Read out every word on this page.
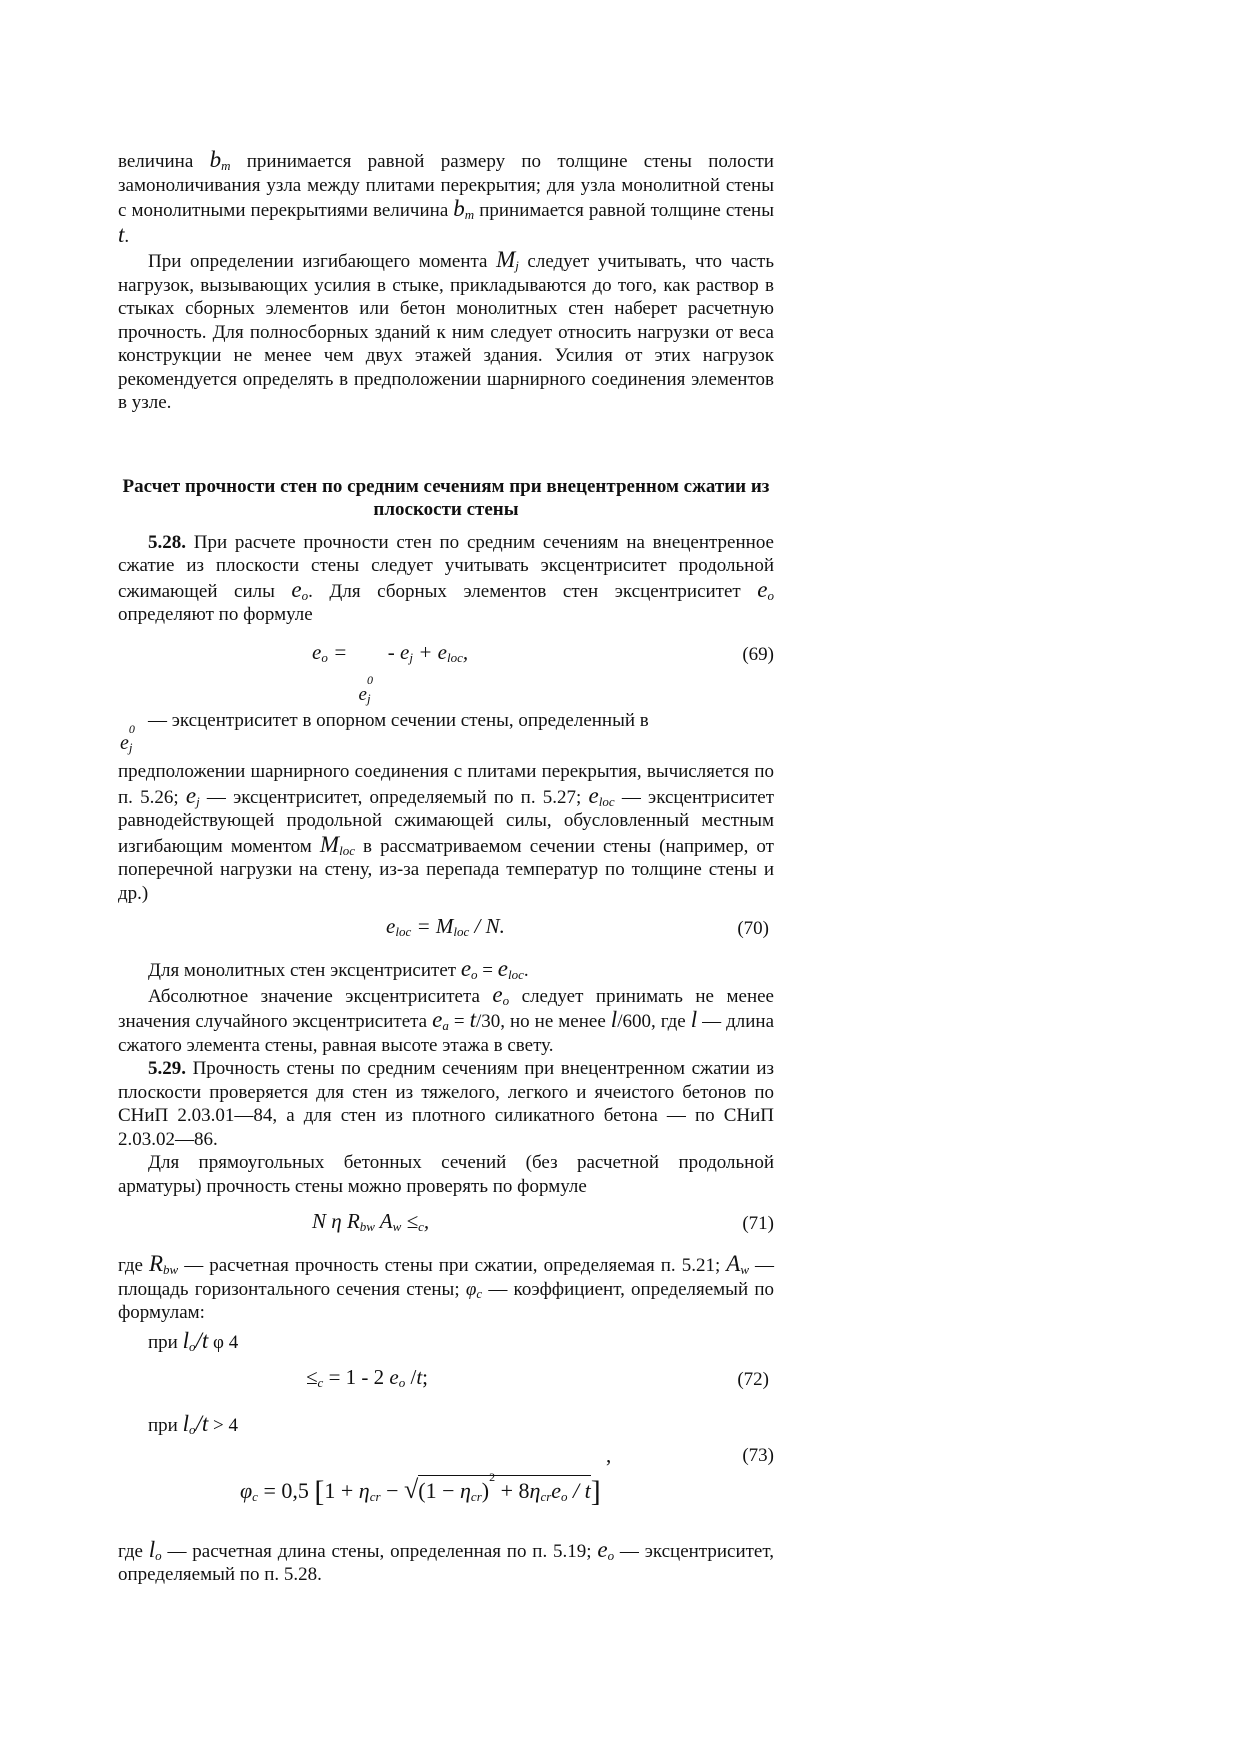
величина $b_m$ принимается равной размеру по толщине стены полости замоноличивания узла между плитами перекрытия; для узла монолитной стены с монолитными перекрытиями величина $b_m$ принимается равной толщине стены t.

При определении изгибающего момента $M_j$ следует учитывать, что часть нагрузок, вызывающих усилия в стыке, прикладываются до того, как раствор в стыках сборных элементов или бетон монолитных стен наберет расчетную прочность. Для полносборных зданий к ним следует относить нагрузки от веса конструкции не менее чем двух этажей здания. Усилия от этих нагрузок рекомендуется определять в предположении шарнирного соединения элементов в узле.

Расчет прочности стен по средним сечениям при внецентренном сжатии из плоскости стены

5.28. При расчете прочности стен по средним сечениям на внецентренное сжатие из плоскости стены следует учитывать эксцентриситет продольной сжимающей силы $e_o$. Для сборных элементов стен эксцентриситет $e_o$ определяют по формуле

$e_o$ =
$e^0_j$
- $e_j + e_{loc}$,	(69)

— эксцентриситет в опорном сечении стены, определенный в

$e^0_j$

предположении шарнирного соединения с плитами перекрытия, вычисляется по п. 5.26; $e_j$ — эксцентриситет, определяемый по п. 5.27; $e_{loc}$ — эксцентриситет равнодействующей продольной сжимающей силы, обусловленный местным изгибающим моментом $M_{loc}$ в рассматриваемом сечении стены (например, от поперечной нагрузки на стену, из-за перепада температур по толщине стены и др.)

$e_{loc} = M_{loc} / N$.	(70)

Для монолитных стен эксцентриситет $e_o = e_{loc}$.

Абсолютное значение эксцентриситета $e_o$ следует принимать не менее значения случайного эксцентриситета $e_a = t/30$, но не менее l/600, где l — длина сжатого элемента стены, равная высоте этажа в свету.

5.29. Прочность стены по средним сечениям при внецентренном сжатии из плоскости проверяется для стен из тяжелого, легкого и ячеистого бетонов по СНиП 2.03.01—84, а для стен из плотного силикатного бетона — по СНиП 2.03.02—86.

Для прямоугольных бетонных сечений (без расчетной продольной арматуры) прочность стены можно проверять по формуле

N η $R_{bw}$ $A_w \le_c$,	(71)

где $R_{bw}$ — расчетная прочность стены при сжатии, определяемая п. 5.21; $A_w$ — площадь горизонтального сечения стены; $\varphi_c$ — коэффициент, определяемый по формулам:

при $l_o/t$ φ 4

$\le_c = 1 - 2$ $e_o$ /t;	(72)

при $l_o/t > 4$

$\varphi_c = 0,5$ $[1 + \eta_{cr} - √(1 - \eta_{cr})^2 + 8\eta_{cr}e_o / t]$
,	(73)

где $l_o$ — расчетная длина стены, определенная по п. 5.19; $e_o$ — эксцентриситет, определяемый по п. 5.28.
